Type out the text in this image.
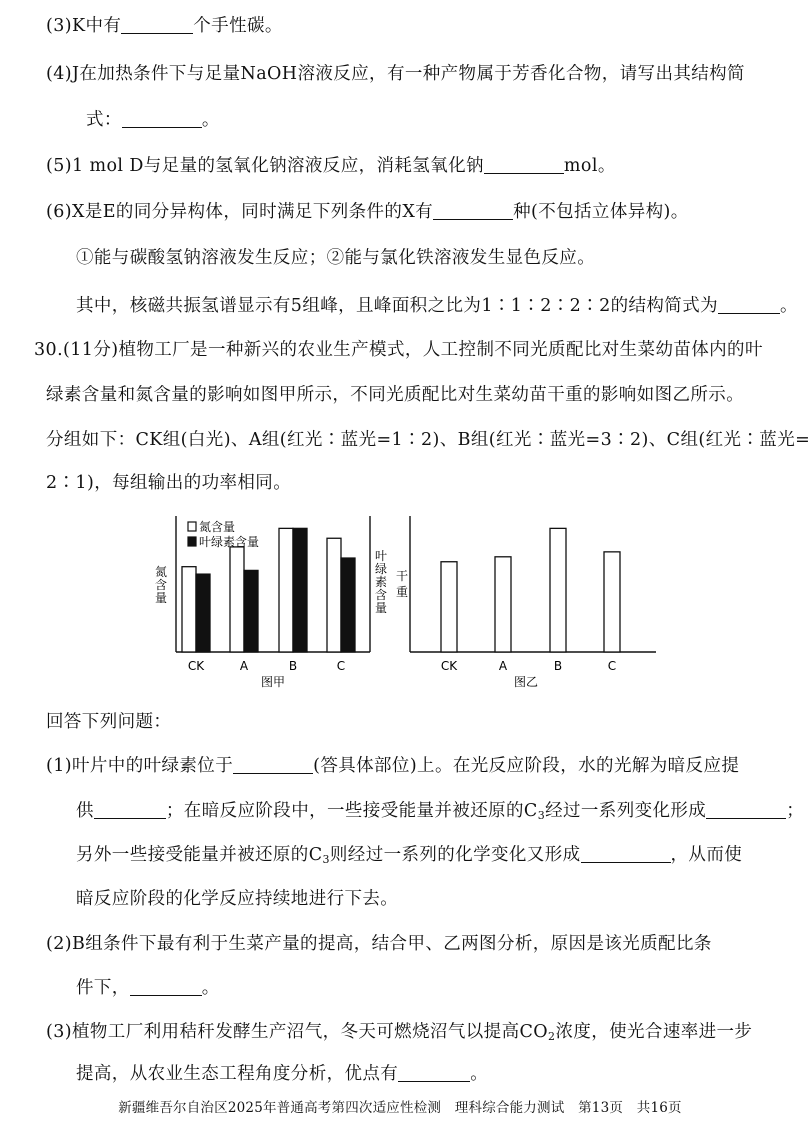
(3)K中有	个手性碳。
(4)J在加热条件下与足量NaOH溶液反应，有一种产物属于芳香化合物，请写出其结构简
式：	。
(5)1 mol D与足量的氢氧化钠溶液反应，消耗氢氧化钠	mol。
(6)X是E的同分异构体，同时满足下列条件的X有	种(不包括立体异构)。
①能与碳酸氢钠溶液发生反应；②能与氯化铁溶液发生显色反应。
其中，核磁共振氢谱显示有5组峰，且峰面积之比为1∶1∶2∶2∶2的结构简式为	。
30.(11分)植物工厂是一种新兴的农业生产模式，人工控制不同光质配比对生菜幼苗体内的叶
绿素含量和氮含量的影响如图甲所示，不同光质配比对生菜幼苗干重的影响如图乙所示。
分组如下：CK组(白光)、A组(红光∶蓝光=1∶2)、B组(红光∶蓝光=3∶2)、C组(红光∶蓝光=
2∶1)，每组输出的功率相同。
CK	A	B	C
氮含量
叶绿素含量
氮
含
量
叶
绿
素
含
量
图甲
CK	A	B	C
干
重
图乙
回答下列问题：
(1)叶片中的叶绿素位于	(答具体部位)上。在光反应阶段，水的光解为暗反应提
供	；在暗反应阶段中，一些接受能量并被还原的$C_3$经过一系列变化形成	；
另外一些接受能量并被还原的$C_3$则经过一系列的化学变化又形成	，从而使
暗反应阶段的化学反应持续地进行下去。
(2)B组条件下最有利于生菜产量的提高，结合甲、乙两图分析，原因是该光质配比条
件下，	。
(3)植物工厂利用秸秆发酵生产沼气，冬天可燃烧沼气以提高$CO_2$浓度，使光合速率进一步
提高，从农业生态工程角度分析，优点有	。
新疆维吾尔自治区2025年普通高考第四次适应性检测　理科综合能力测试　第13页　共16页
